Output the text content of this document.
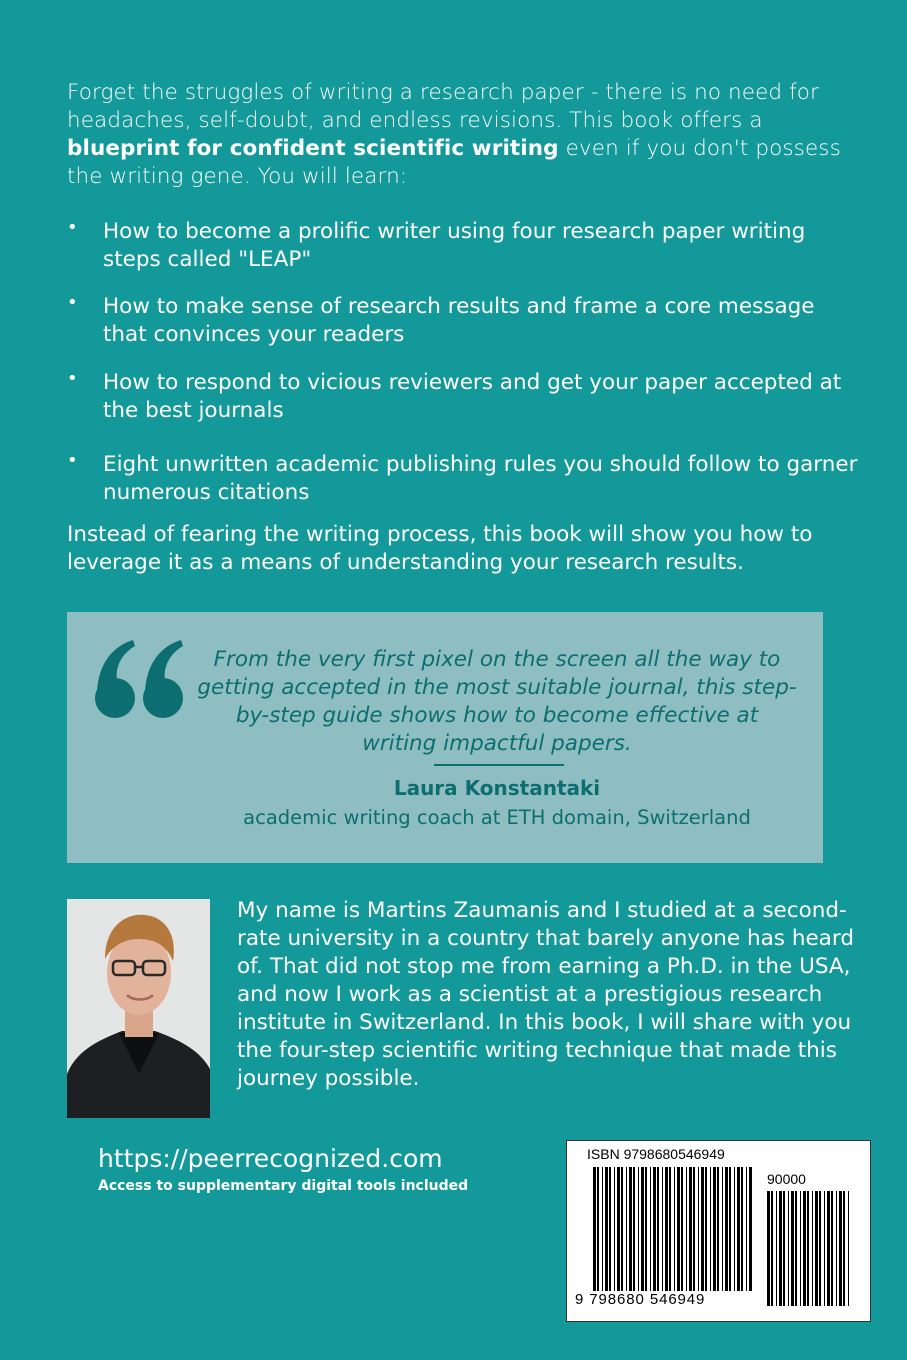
Forget the struggles of writing a research paper - there is no need for headaches, self-doubt, and endless revisions. This book offers a blueprint for confident scientific writing even if you don't possess the writing gene. You will learn:
• How to become a prolific writer using four research paper writing steps called "LEAP"
• How to make sense of research results and frame a core message that convinces your readers
• How to respond to vicious reviewers and get your paper accepted at the best journals
• Eight unwritten academic publishing rules you should follow to garner numerous citations
Instead of fearing the writing process, this book will show you how to leverage it as a means of understanding your research results.
From the very first pixel on the screen all the way to getting accepted in the most suitable journal, this step-by-step guide shows how to become effective at writing impactful papers.
Laura Konstantaki
academic writing coach at ETH domain, Switzerland
My name is Martins Zaumanis and I studied at a second-rate university in a country that barely anyone has heard of. That did not stop me from earning a Ph.D. in the USA, and now I work as a scientist at a prestigious research institute in Switzerland. In this book, I will share with you the four-step scientific writing technique that made this journey possible.
https://peerrecognized.com
Access to supplementary digital tools included
ISBN 9798680546949
90000
9 798680 546949
